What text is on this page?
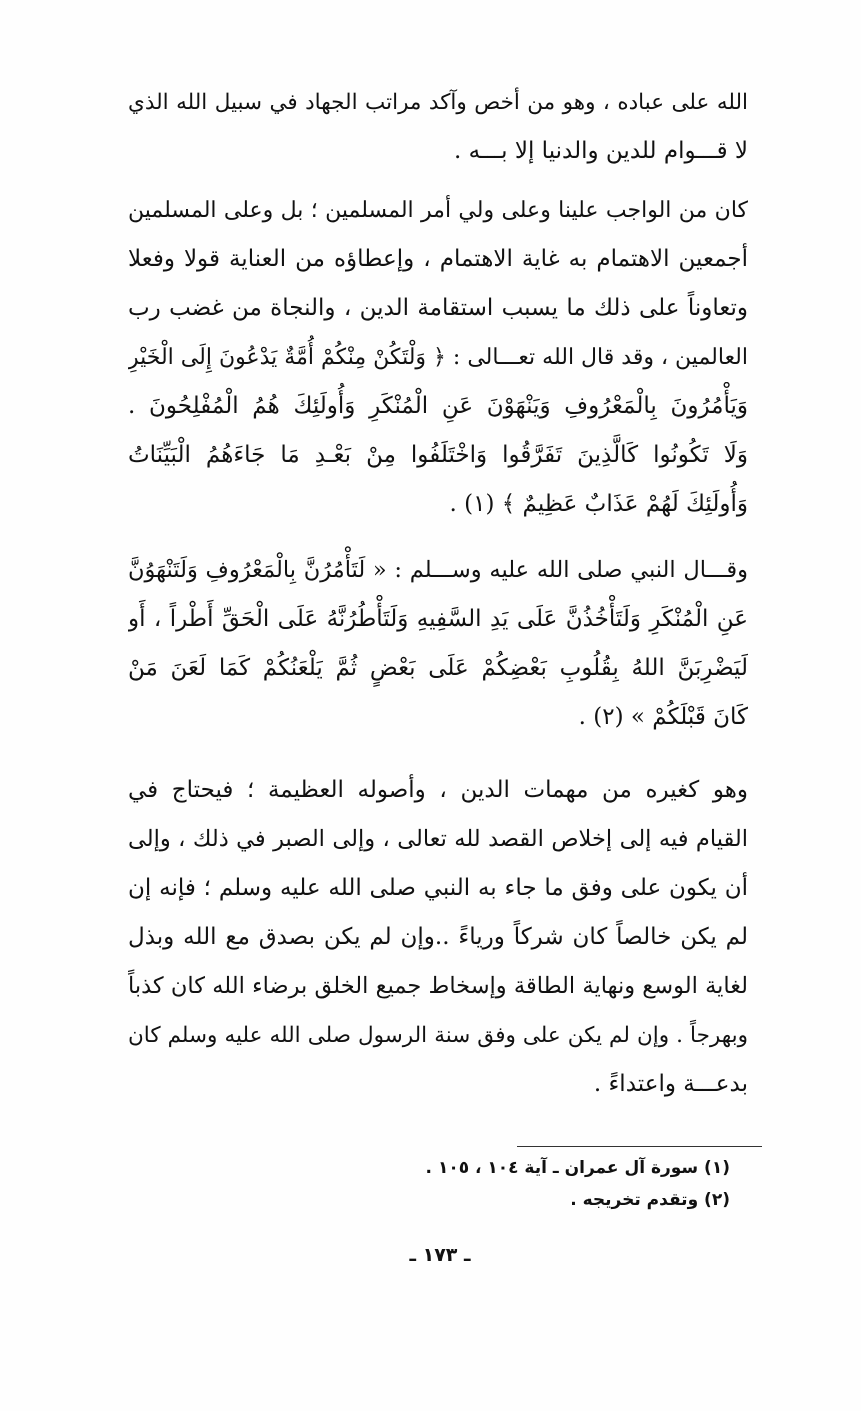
الله على عباده ، وهو من أخص وآكد مراتب الجهاد في سبيل الله الذي
لا قـــوام للدين والدنيا إلا بـــه .
كان من الواجب علينا وعلى ولي أمر المسلمين ؛ بل وعلى المسلمين
أجمعين الاهتمام به غاية الاهتمام ، وإعطاؤه من العناية قولا وفعلا
وتعاوناً على ذلك ما يسبب استقامة الدين ، والنجاة من غضب رب
العالمين ، وقد قال الله تعـــالى : ﴿ وَلْتَكُنْ مِنْكُمْ أُمَّةٌ يَدْعُونَ إِلَى الْخَيْرِ
وَيَأْمُرُونَ بِالْمَعْرُوفِ وَيَنْهَوْنَ عَنِ الْمُنْكَرِ وَأُولَئِكَ هُمُ الْمُفْلِحُونَ .
وَلَا تَكُونُوا كَالَّذِينَ تَفَرَّقُوا وَاخْتَلَفُوا مِنْ بَعْـدِ مَا جَاءَهُمُ الْبَيِّنَاتُ
وَأُولَئِكَ لَهُمْ عَذَابٌ عَظِيمٌ ﴾ (١) .
وقـــال النبي صلى الله عليه وســـلم : « لَتَأْمُرُنَّ بِالْمَعْرُوفِ وَلَتَنْهَوُنَّ
عَنِ الْمُنْكَرِ وَلَتَأْخُذُنَّ عَلَى يَدِ السَّفِيهِ وَلَتَأْطُرُنَّهُ عَلَى الْحَقِّ أَطْراً ، أَو
لَيَضْرِبَنَّ اللهُ بِقُلُوبِ بَعْضِكُمْ عَلَى بَعْضٍ ثُمَّ يَلْعَنُكُمْ كَمَا لَعَنَ مَنْ
كَانَ قَبْلَكُمْ » (٢) .
وهو كغيره من مهمات الدين ، وأصوله العظيمة ؛ فيحتاج في
القيام فيه إلى إخلاص القصد لله تعالى ، وإلى الصبر في ذلك ، وإلى
أن يكون على وفق ما جاء به النبي صلى الله عليه وسلم ؛ فإنه إن
لم يكن خالصاً كان شركاً ورياءً ..وإن لم يكن بصدق مع الله وبذل
لغاية الوسع ونهاية الطاقة وإسخاط جميع الخلق برضاء الله كان كذباً
وبهرجاً . وإن لم يكن على وفق سنة الرسول صلى الله عليه وسلم كان
بدعـــة واعتداءً .
(١) سورة آل عمران ـ آية ١٠٤ ، ١٠٥ .
(٢) وتقدم تخريجه .
ـ ١٧٣ ـ
